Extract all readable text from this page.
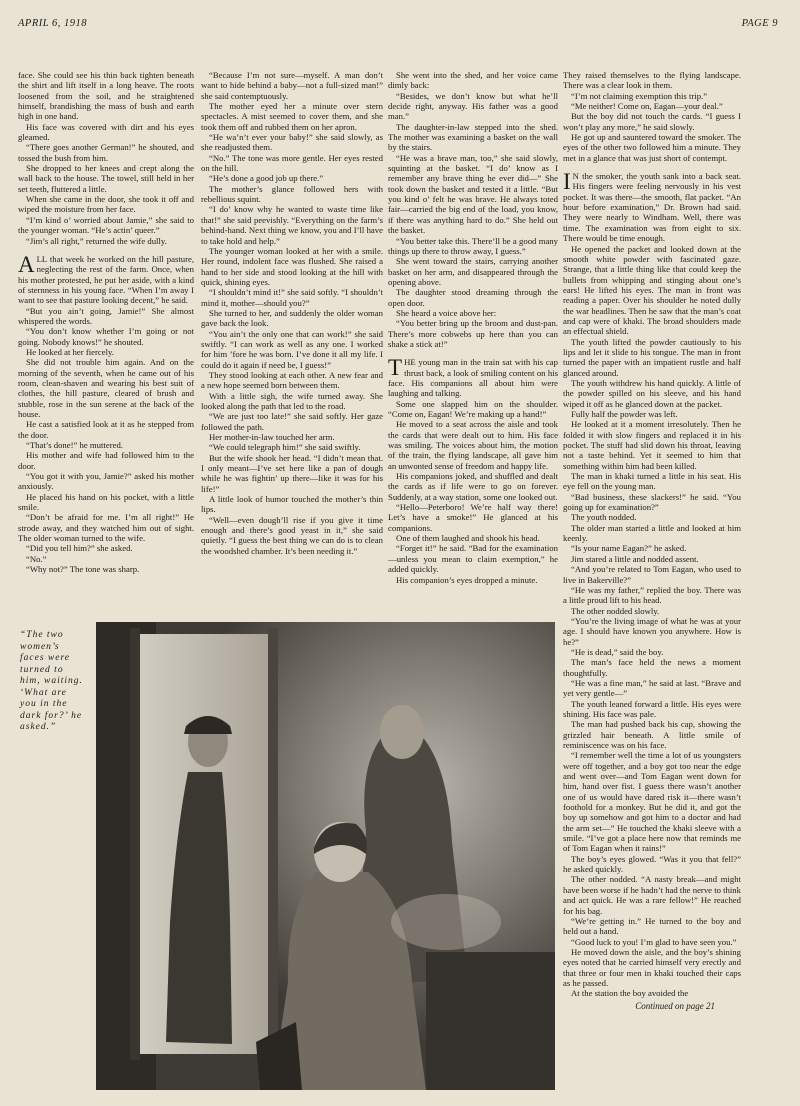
APRIL 6, 1918	PAGE 9

face. She could see his thin back tighten beneath the shirt and lift itself in a long heave. The roots loosened from the soil, and he straightened himself, brandishing the mass of bush and earth high in one hand.

His face was covered with dirt and his eyes gleamed.

“There goes another German!” he shouted, and tossed the bush from him.

She dropped to her knees and crept along the wall back to the house. The towel, still held in her set teeth, fluttered a little.

When she came in the door, she took it off and wiped the moisture from her face.

“I’m kind o’ worried about Jamie,” she said to the younger woman. “He’s actin’ queer.”

“Jim’s all right,” returned the wife dully.

ALL that week he worked on the hill pasture, neglecting the rest of the farm. Once, when his mother protested, he put her aside, with a kind of sternness in his young face. “When I’m away I want to see that pasture looking decent,” he said.

“But you ain’t going, Jamie!” She almost whispered the words.

“You don’t know whether I’m going or not going. Nobody knows!” he shouted.

He looked at her fiercely.

She did not trouble him again. And on the morning of the seventh, when he came out of his room, clean-shaven and wearing his best suit of clothes, the hill pasture, cleared of brush and stubble, rose in the sun serene at the back of the house.

He cast a satisfied look at it as he stepped from the door.

“That’s done!” he muttered.

His mother and wife had followed him to the door.

“You got it with you, Jamie?” asked his mother anxiously.

He placed his hand on his pocket, with a little smile.

“Don’t be afraid for me. I’m all right!” He strode away, and they watched him out of sight. The older woman turned to the wife.

“Did you tell him?” she asked.

“No.”

“Why not?” The tone was sharp.

“Because I’m not sure—myself. A man don’t want to hide behind a baby—not a full-sized man!” she said contemptuously.

The mother eyed her a minute over stern spectacles. A mist seemed to cover them, and she took them off and rubbed them on her apron.

“He wa’n’t ever your baby!” she said slowly, as she readjusted them.

“No.” The tone was more gentle. Her eyes rested on the hill.

“He’s done a good job up there.”

The mother’s glance followed hers with rebellious squint.

“I do’ know why he wanted to waste time like that!” she said peevishly. “Everything on the farm’s behind-hand. Next thing we know, you and I’ll have to take hold and help.”

The younger woman looked at her with a smile. Her round, indolent face was flushed. She raised a hand to her side and stood looking at the hill with quick, shining eyes.

“I shouldn’t mind it!” she said softly. “I shouldn’t mind it, mother—should you?”

She turned to her, and suddenly the older woman gave back the look.

“You ain’t the only one that can work!” she said swiftly. “I can work as well as any one. I worked for him ’fore he was born. I’ve done it all my life. I could do it again if need be, I guess!”

They stood looking at each other. A new fear and a new hope seemed born between them.

With a little sigh, the wife turned away. She looked along the path that led to the road.

“We are just too late!” she said softly. Her gaze followed the path.

Her mother-in-law touched her arm.

“We could telegraph him!” she said swiftly.

But the wife shook her head. “I didn’t mean that. I only meant—I’ve set here like a pan of dough while he was fightin’ up there—like it was for his life!”

A little look of humor touched the mother’s thin lips.

“Well—even dough’ll rise if you give it time enough and there’s good yeast in it,” she said quietly. “I guess the best thing we can do is to clean the woodshed chamber. It’s been needing it.”

She went into the shed, and her voice came dimly back:

“Besides, we don’t know but what he’ll decide right, anyway. His father was a good man.”

The daughter-in-law stepped into the shed. The mother was examining a basket on the wall by the stairs.

“He was a brave man, too,” she said slowly, squinting at the basket. “I do’ know as I remember any brave thing he ever did—” She took down the basket and tested it a little. “But you kind o’ felt he was brave. He always toted fair—carried the big end of the load, you know, if there was anything hard to do.” She held out the basket.

“You better take this. There’ll be a good many things up there to throw away, I guess.”

She went toward the stairs, carrying another basket on her arm, and disappeared through the opening above.

The daughter stood dreaming through the open door.

She heard a voice above her:

“You better bring up the broom and dust-pan. There’s more cobwebs up here than you can shake a stick at!”

THE young man in the train sat with his cap thrust back, a look of smiling content on his face. His companions all about him were laughing and talking.

Some one slapped him on the shoulder. “Come on, Eagan! We’re making up a hand!”

He moved to a seat across the aisle and took the cards that were dealt out to him. His face was smiling. The voices about him, the motion of the train, the flying landscape, all gave him an unwonted sense of freedom and happy life.

His companions joked, and shuffled and dealt the cards as if life were to go on forever. Suddenly, at a way station, some one looked out.

“Hello—Peterboro! We’re half way there! Let’s have a smoke!” He glanced at his companions.

One of them laughed and shook his head.

“Forget it!” he said. “Bad for the examination—unless you mean to claim exemption,” he added quickly.

His companion’s eyes dropped a minute.

They raised themselves to the flying landscape. There was a clear look in them.

“I’m not claiming exemption this trip.”

“Me neither! Come on, Eagan—your deal.”

But the boy did not touch the cards. “I guess I won’t play any more,” he said slowly.

He got up and sauntered toward the smoker. The eyes of the other two followed him a minute. They met in a glance that was just short of contempt.

I N the smoker, the youth sank into a back seat. His fingers were feeling nervously in his vest pocket. It was there—the smooth, flat packet. “An hour before examination,” Dr. Brown had said. They were nearly to Windham. Well, there was time. The examination was from eight to six. There would be time enough.

He opened the packet and looked down at the smooth white powder with fascinated gaze. Strange, that a little thing like that could keep the bullets from whipping and stinging about one’s ears! He lifted his eyes. The man in front was reading a paper. Over his shoulder he noted dully the war headlines. Then he saw that the man’s coat and cap were of khaki. The broad shoulders made an effectual shield.

The youth lifted the powder cautiously to his lips and let it slide to his tongue. The man in front turned the paper with an impatient rustle and half glanced around.

The youth withdrew his hand quickly. A little of the powder spilled on his sleeve, and his hand wiped it off as he glanced down at the packet.

Fully half the powder was left.

He looked at it a moment irresolutely. Then he folded it with slow fingers and replaced it in his pocket. The stuff had slid down his throat, leaving not a taste behind. Yet it seemed to him that something within him had been killed.

The man in khaki turned a little in his seat. His eye fell on the young man.

“Bad business, these slackers!” he said. “You going up for examination?”

The youth nodded.

The older man started a little and looked at him keenly.

“Is your name Eagan?” he asked.

Jim stared a little and nodded assent.

“And you’re related to Tom Eagan, who used to live in Bakerville?”

“He was my father,” replied the boy. There was a little proud lift to his head.

The other nodded slowly.

“You’re the living image of what he was at your age. I should have known you anywhere. How is he?”

“He is dead,” said the boy.

The man’s face held the news a moment thoughtfully.

“He was a fine man,” he said at last. “Brave and yet very gentle—”

The youth leaned forward a little. His eyes were shining. His face was pale.

The man had pushed back his cap, showing the grizzled hair beneath. A little smile of reminiscence was on his face.

“I remember well the time a lot of us youngsters were off together, and a boy got too near the edge and went over—and Tom Eagan went down for him, hand over fist. I guess there wasn’t another one of us would have dared risk it—there wasn’t foothold for a monkey. But he did it, and got the boy up somehow and got him to a doctor and had the arm set—” He touched the khaki sleeve with a smile. “I’ve got a place here now that reminds me of Tom Eagan when it rains!”

The boy’s eyes glowed. “Was it you that fell?” he asked quickly.

The other nodded. “A nasty break—and might have been worse if he hadn’t had the nerve to think and act quick. He was a rare fellow!” He reached for his bag.

“We’re getting in.” He turned to the boy and held out a hand.

“Good luck to you! I’m glad to have seen you.”

He moved down the aisle, and the boy’s shining eyes noted that he carried himself very erectly and that three or four men in khaki touched their caps as he passed.

At the station the boy avoided the

Continued on page 21
“The two women’s faces were turned to him, waiting. ‘What are you in the dark for?’ he asked.”
